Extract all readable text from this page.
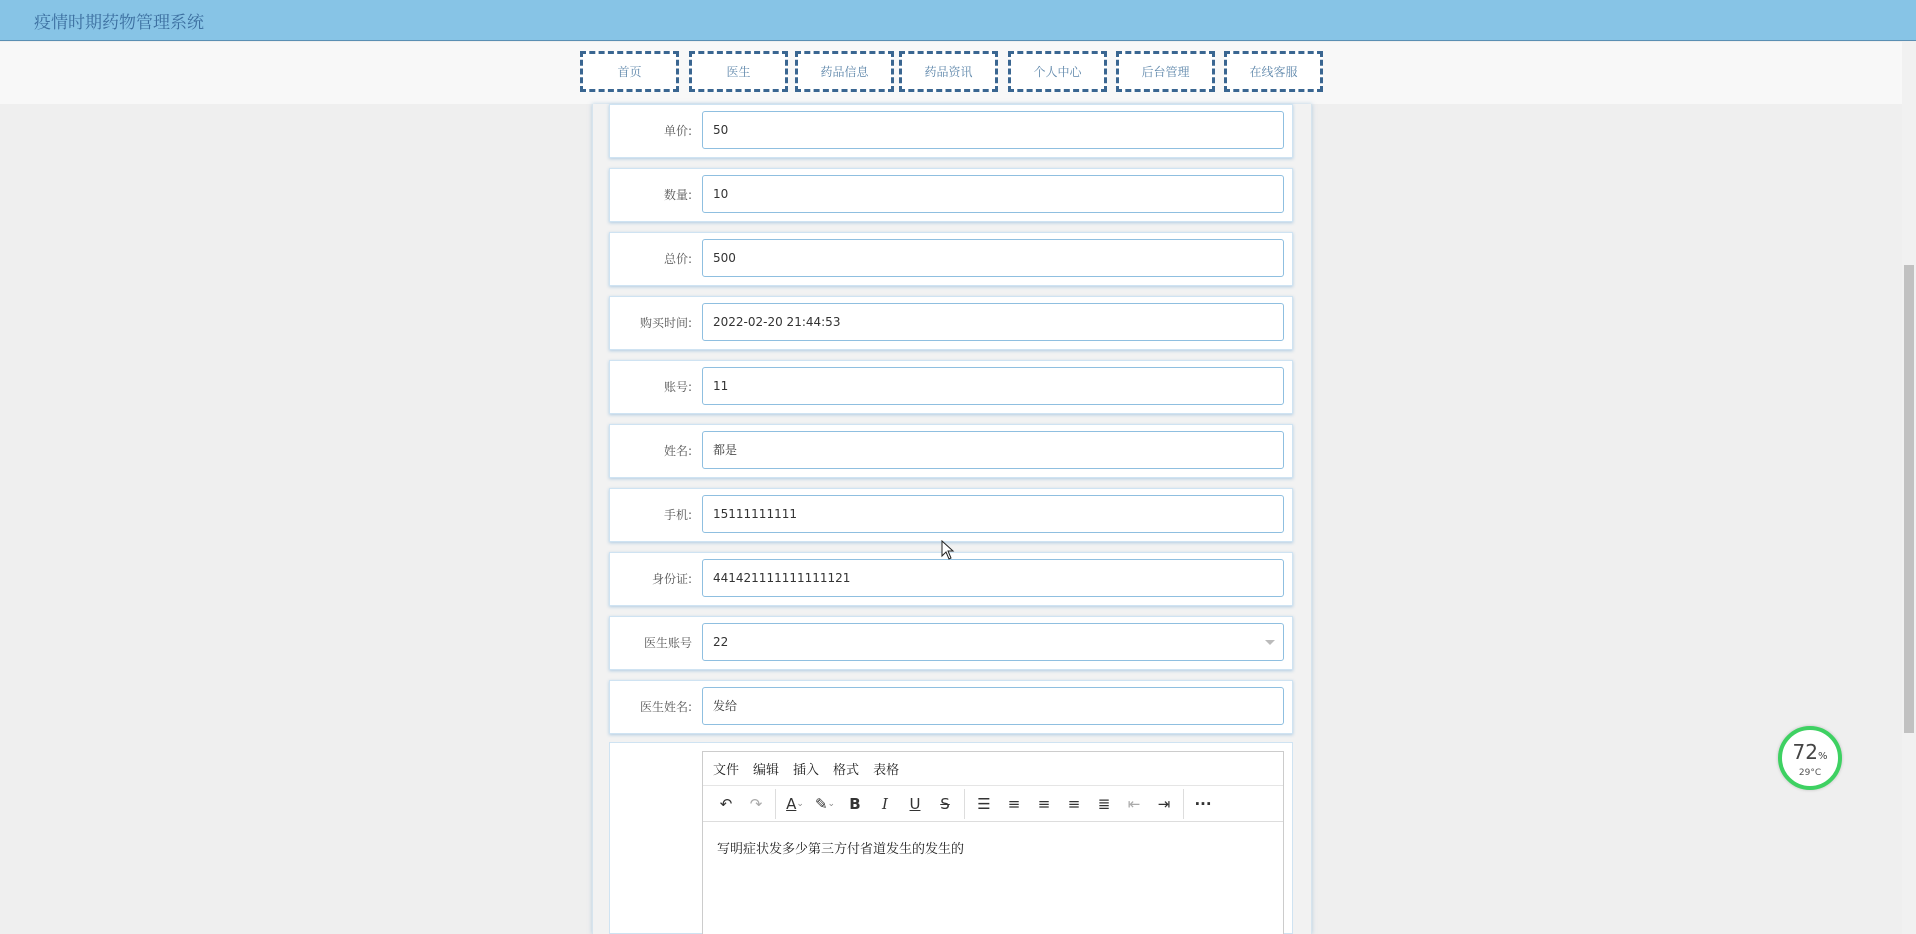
疫情时期药物管理系统
首页	医生	药品信息	药品资讯	个人中心	后台管理	在线客服
单价:	50
数量:	10
总价:	500
购买时间:	2022-02-20 21:44:53
账号:	11
姓名:	都是
手机:	15111111111
身份证:	441421111111111121
医生账号	22
医生姓名:	发给
文件 编辑 插入 格式 表格
↶	↷	A ⌄ ✎ ⌄ B	I	U	S	☰	≡	≡	≡	≣	⇤	⇥	···
写明症状发多少第三方付省道发生的发生的
72%
29°C
